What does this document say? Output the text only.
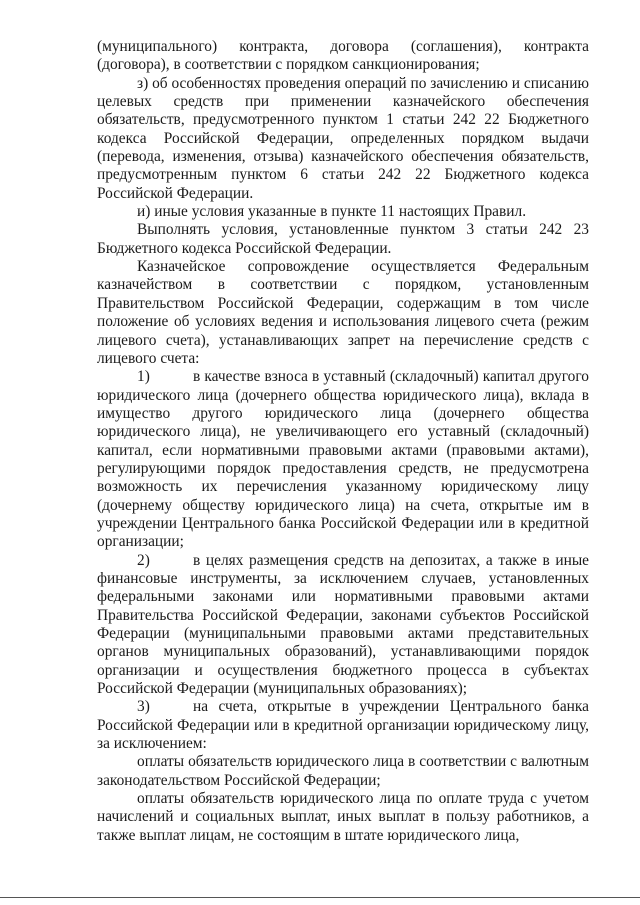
(муниципального) контракта, договора (соглашения), контракта (договора), в соответствии с порядком санкционирования;

з) об особенностях проведения операций по зачислению и списанию целевых средств при применении казначейского обеспечения обязательств, предусмотренного пунктом 1 статьи 242 22 Бюджетного кодекса Российской Федерации, определенных порядком выдачи (перевода, изменения, отзыва) казначейского обеспечения обязательств, предусмотренным пунктом 6 статьи 242 22 Бюджетного кодекса Российской Федерации.

и) иные условия указанные в пункте 11 настоящих Правил.

Выполнять условия, установленные пунктом 3 статьи 242 23 Бюджетного кодекса Российской Федерации.

Казначейское сопровождение осуществляется Федеральным казначейством в соответствии с порядком, установленным Правительством Российской Федерации, содержащим в том числе положение об условиях ведения и использования лицевого счета (режим лицевого счета), устанавливающих запрет на перечисление средств с лицевого счета:

1)	в качестве взноса в уставный (складочный) капитал другого юридического лица (дочернего общества юридического лица), вклада в имущество другого юридического лица (дочернего общества юридического лица), не увеличивающего его уставный (складочный) капитал, если нормативными правовыми актами (правовыми актами), регулирующими порядок предоставления средств, не предусмотрена возможность их перечисления указанному юридическому лицу (дочернему обществу юридического лица) на счета, открытые им в учреждении Центрального банка Российской Федерации или в кредитной организации;

2)	в целях размещения средств на депозитах, а также в иные финансовые инструменты, за исключением случаев, установленных федеральными законами или нормативными правовыми актами Правительства Российской Федерации, законами субъектов Российской Федерации (муниципальными правовыми актами представительных органов муниципальных образований), устанавливающими порядок организации и осуществления бюджетного процесса в субъектах Российской Федерации (муниципальных образованиях);

3)	на счета, открытые в учреждении Центрального банка Российской Федерации или в кредитной организации юридическому лицу, за исключением:

оплаты обязательств юридического лица в соответствии с валютным законодательством Российской Федерации;

оплаты обязательств юридического лица по оплате труда с учетом начислений и социальных выплат, иных выплат в пользу работников, а также выплат лицам, не состоящим в штате юридического лица,
